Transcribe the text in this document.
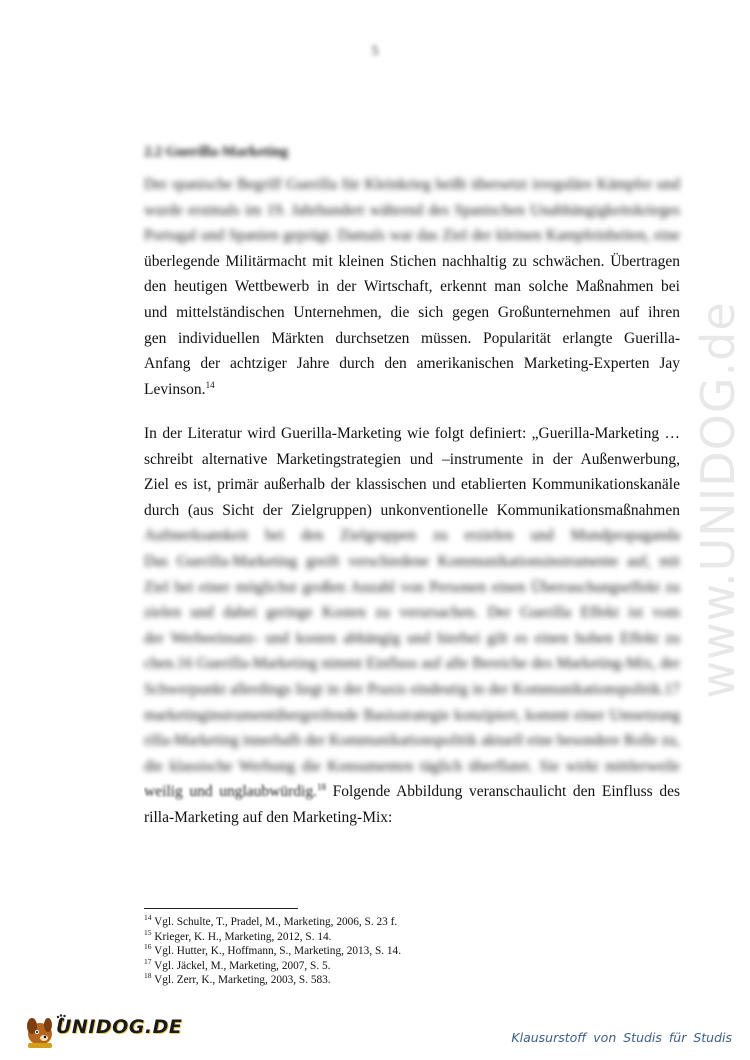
5
2.2 Guerilla-Marketing
Der spanische Begriff Guerilla für Kleinkrieg heißt übersetzt irreguläre Kämpfer und
wurde erstmals im 19. Jahrhundert während des Spanischen Unabhängigkeitskrieges
Portugal und Spanien geprägt. Damals war das Ziel der kleinen Kampfeinheiten, eine
überlegende Militärmacht mit kleinen Stichen nachhaltig zu schwächen. Übertragen
den heutigen Wettbewerb in der Wirtschaft, erkennt man solche Maßnahmen bei
und mittelständischen Unternehmen, die sich gegen Großunternehmen auf ihren
gen individuellen Märkten durchsetzen müssen. Popularität erlangte Guerilla-
Anfang der achtziger Jahre durch den amerikanischen Marketing-Experten Jay
Levinson.$^{14}$
In der Literatur wird Guerilla-Marketing wie folgt definiert: „Guerilla-Marketing …
schreibt alternative Marketingstrategien und –instrumente in der Außenwerbung,
Ziel es ist, primär außerhalb der klassischen und etablierten Kommunikationskanäle
durch (aus Sicht der Zielgruppen) unkonventionelle Kommunikationsmaßnahmen
Aufmerksamkeit bei den Zielgruppen zu erzielen und Mundpropaganda
Das Guerilla-Marketing greift verschiedene Kommunikationsinstrumente auf, mit
Ziel bei einer möglichst großen Anzahl von Personen einen Überraschungseffekt zu
zielen und dabei geringe Kosten zu verursachen. Der Guerilla Effekt ist vom
der Werbeeinsatz- und kosten abhängig und hierbei gilt es einen hohen Effekt zu
chen.16 Guerilla-Marketing nimmt Einfluss auf alle Bereiche des Marketing-Mix, der
Schwerpunkt allerdings liegt in der Praxis eindeutig in der Kommunikationspolitik.17
marketinginstrumentübergreifende Basisstrategie konzipiert, kommt einer Umsetzung
rilla-Marketing innerhalb der Kommunikationspolitik aktuell eine besondere Rolle zu,
die klassische Werbung die Konsumenten täglich überflutet. Sie wirkt mittlerweile
weilig und unglaubwürdig.$^{18}$ Folgende Abbildung veranschaulicht den Einfluss des
rilla-Marketing auf den Marketing-Mix:
$^{14}$ Vgl. Schulte, T., Pradel, M., Marketing, 2006, S. 23 f.
$^{15}$ Krieger, K. H., Marketing, 2012, S. 14.
$^{16}$ Vgl. Hutter, K., Hoffmann, S., Marketing, 2013, S. 14.
$^{17}$ Vgl. Jäckel, M., Marketing, 2007, S. 5.
$^{18}$ Vgl. Zerr, K., Marketing, 2003, S. 583.
www.UNIDOG.de
UNIDOG.DE	Klausurstoff von Studis für Studis
